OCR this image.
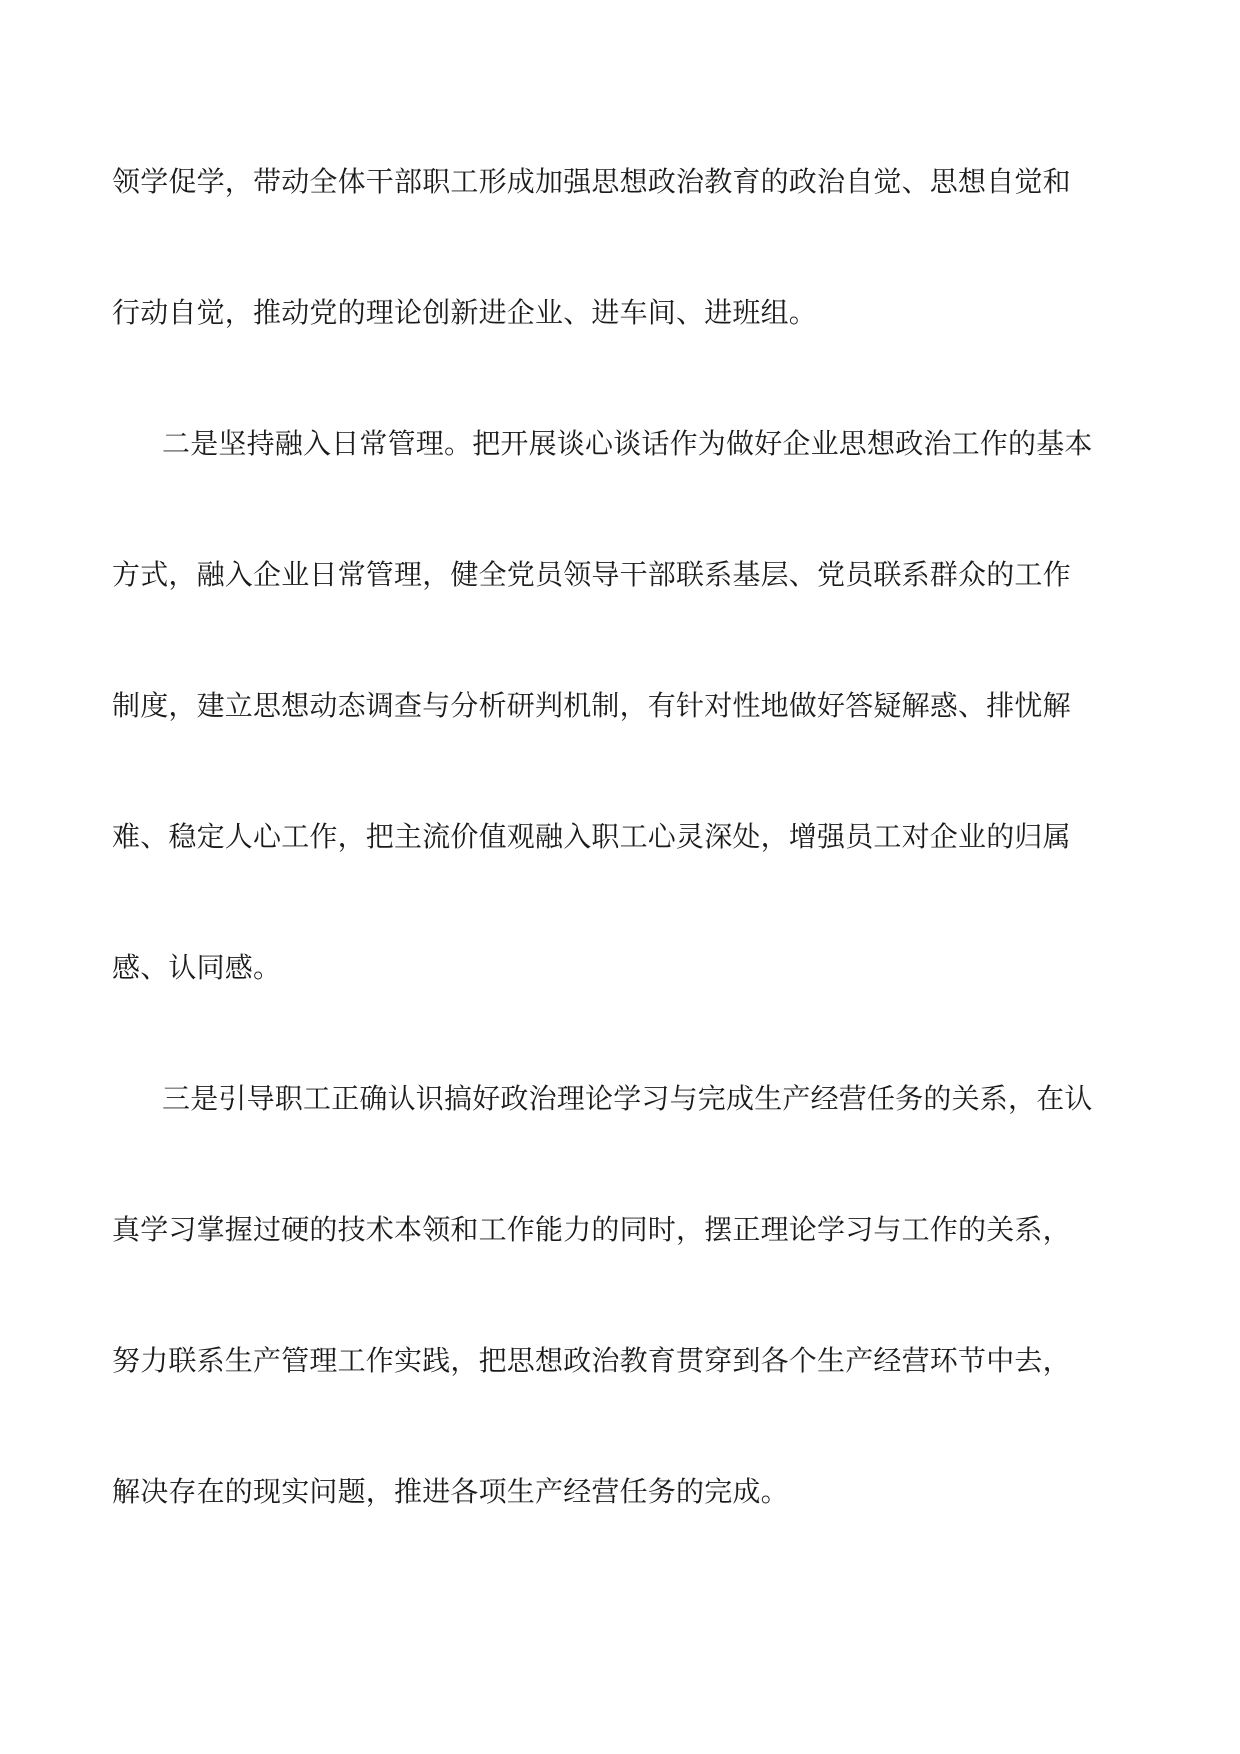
领学促学，带动全体干部职工形成加强思想政治教育的政治自觉、思想自觉和
行动自觉，推动党的理论创新进企业、进车间、进班组。
二是坚持融入日常管理。把开展谈心谈话作为做好企业思想政治工作的基本
方式，融入企业日常管理，健全党员领导干部联系基层、党员联系群众的工作
制度，建立思想动态调查与分析研判机制，有针对性地做好答疑解惑、排忧解
难、稳定人心工作，把主流价值观融入职工心灵深处，增强员工对企业的归属
感、认同感。
三是引导职工正确认识搞好政治理论学习与完成生产经营任务的关系，在认
真学习掌握过硬的技术本领和工作能力的同时，摆正理论学习与工作的关系，
努力联系生产管理工作实践，把思想政治教育贯穿到各个生产经营环节中去，
解决存在的现实问题，推进各项生产经营任务的完成。
